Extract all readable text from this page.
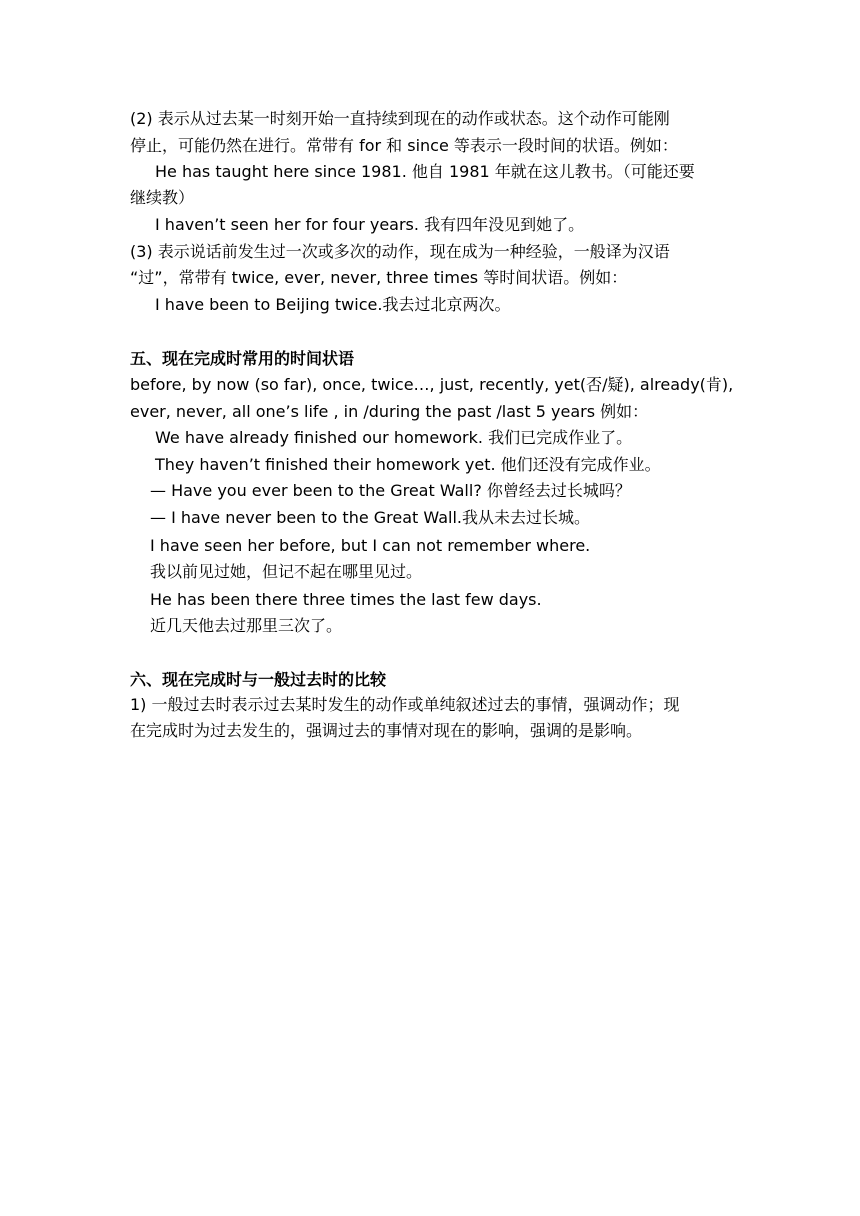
(2) 表示从过去某一时刻开始一直持续到现在的动作或状态。这个动作可能刚
停止，可能仍然在进行。常带有 for 和 since 等表示一段时间的状语。例如：
He has taught here since 1981. 他自 1981 年就在这儿教书。（可能还要
继续教）
I haven’t seen her for four years. 我有四年没见到她了。
(3) 表示说话前发生过一次或多次的动作，现在成为一种经验，一般译为汉语
“过”，常带有 twice, ever, never, three times 等时间状语。例如：
I have been to Beijing twice.我去过北京两次。
五、现在完成时常用的时间状语
before, by now (so far), once, twice…, just, recently, yet(否/疑), already(肯),
ever, never, all one’s life , in /during the past /last 5 years 例如：
We have already finished our homework. 我们已完成作业了。
They haven’t finished their homework yet. 他们还没有完成作业。
— Have you ever been to the Great Wall? 你曾经去过长城吗？
— I have never been to the Great Wall.我从未去过长城。
I have seen her before, but I can not remember where.
我以前见过她，但记不起在哪里见过。
He has been there three times the last few days.
近几天他去过那里三次了。
六、现在完成时与一般过去时的比较
1) 一般过去时表示过去某时发生的动作或单纯叙述过去的事情，强调动作；现
在完成时为过去发生的，强调过去的事情对现在的影响，强调的是影响。
